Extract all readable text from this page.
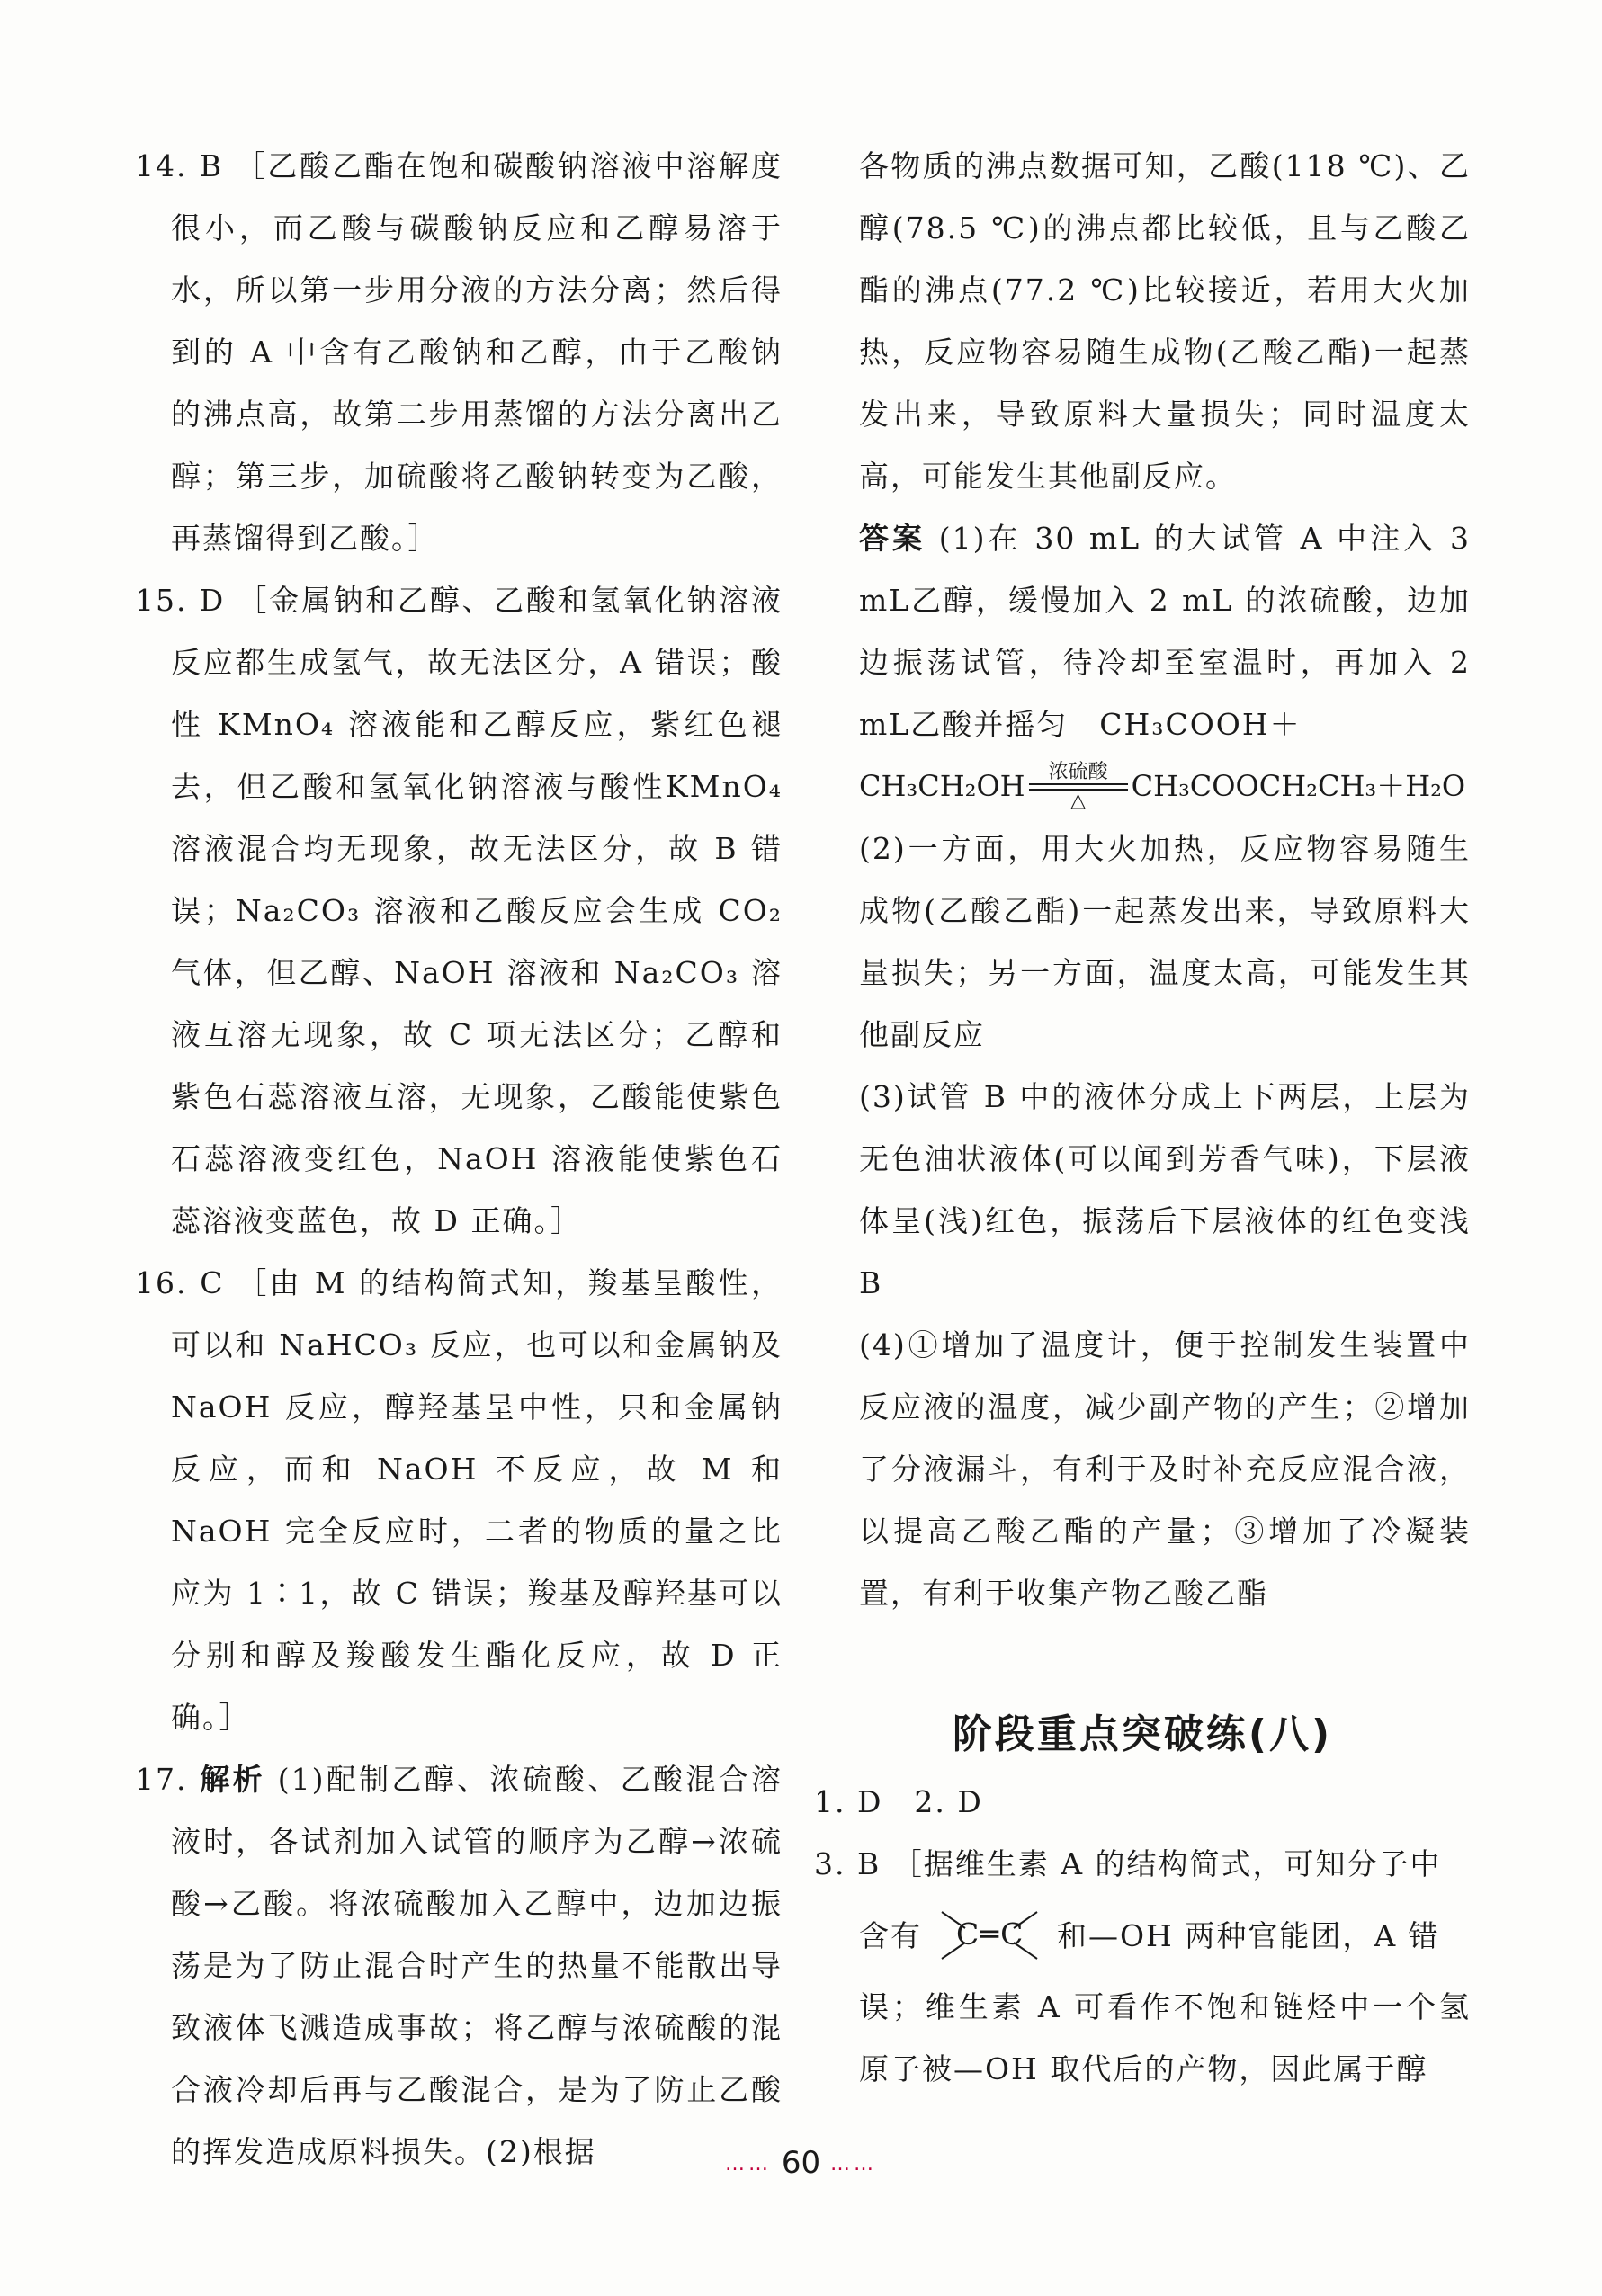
14. B ［乙酸乙酯在饱和碳酸钠溶液中溶解度很小，而乙酸与碳酸钠反应和乙醇易溶于水，所以第一步用分液的方法分离；然后得到的 A 中含有乙酸钠和乙醇，由于乙酸钠的沸点高，故第二步用蒸馏的方法分离出乙醇；第三步，加硫酸将乙酸钠转变为乙酸，再蒸馏得到乙酸。］
15. D ［金属钠和乙醇、乙酸和氢氧化钠溶液反应都生成氢气，故无法区分，A 错误；酸性 KMnO₄ 溶液能和乙醇反应，紫红色褪去，但乙酸和氢氧化钠溶液与酸性KMnO₄溶液混合均无现象，故无法区分，故 B 错误；Na₂CO₃ 溶液和乙酸反应会生成 CO₂ 气体，但乙醇、NaOH 溶液和 Na₂CO₃ 溶液互溶无现象，故 C 项无法区分；乙醇和紫色石蕊溶液互溶，无现象，乙酸能使紫色石蕊溶液变红色，NaOH 溶液能使紫色石蕊溶液变蓝色，故 D 正确。］
16. C ［由 M 的结构简式知，羧基呈酸性，可以和 NaHCO₃ 反应，也可以和金属钠及 NaOH 反应，醇羟基呈中性，只和金属钠反应，而和 NaOH 不反应，故 M 和 NaOH 完全反应时，二者的物质的量之比应为 1∶1，故 C 错误；羧基及醇羟基可以分别和醇及羧酸发生酯化反应，故 D 正确。］
17. 解析 (1)配制乙醇、浓硫酸、乙酸混合溶液时，各试剂加入试管的顺序为乙醇→浓硫酸→乙酸。将浓硫酸加入乙醇中，边加边振荡是为了防止混合时产生的热量不能散出导致液体飞溅造成事故；将乙醇与浓硫酸的混合液冷却后再与乙酸混合，是为了防止乙酸的挥发造成原料损失。(2)根据
各物质的沸点数据可知，乙酸(118 ℃)、乙醇(78.5 ℃)的沸点都比较低，且与乙酸乙酯的沸点(77.2 ℃)比较接近，若用大火加热，反应物容易随生成物(乙酸乙酯)一起蒸发出来，导致原料大量损失；同时温度太高，可能发生其他副反应。
答案 (1)在 30 mL 的大试管 A 中注入 3 mL乙醇，缓慢加入 2 mL 的浓硫酸，边加边振荡试管，待冷却至室温时，再加入 2 mL乙酸并摇匀　CH₃COOH＋
CH₃CH₂OH 浓硫酸
△ CH₃COOCH₂CH₃＋H₂O
(2)一方面，用大火加热，反应物容易随生成物(乙酸乙酯)一起蒸发出来，导致原料大量损失；另一方面，温度太高，可能发生其他副反应
(3)试管 B 中的液体分成上下两层，上层为无色油状液体(可以闻到芳香气味)，下层液体呈(浅)红色，振荡后下层液体的红色变浅　B
(4)①增加了温度计，便于控制发生装置中反应液的温度，减少副产物的产生；②增加了分液漏斗，有利于及时补充反应混合液，以提高乙酸乙酯的产量；③增加了冷凝装置，有利于收集产物乙酸乙酯
阶段重点突破练(八)
1. D　2. D
3. B ［据维生素 A 的结构简式，可知分子中
含有 C═C 和—OH 两种官能团，A 错
误；维生素 A 可看作不饱和链烃中一个氢原子被—OH 取代后的产物，因此属于醇
…… 60 ……
